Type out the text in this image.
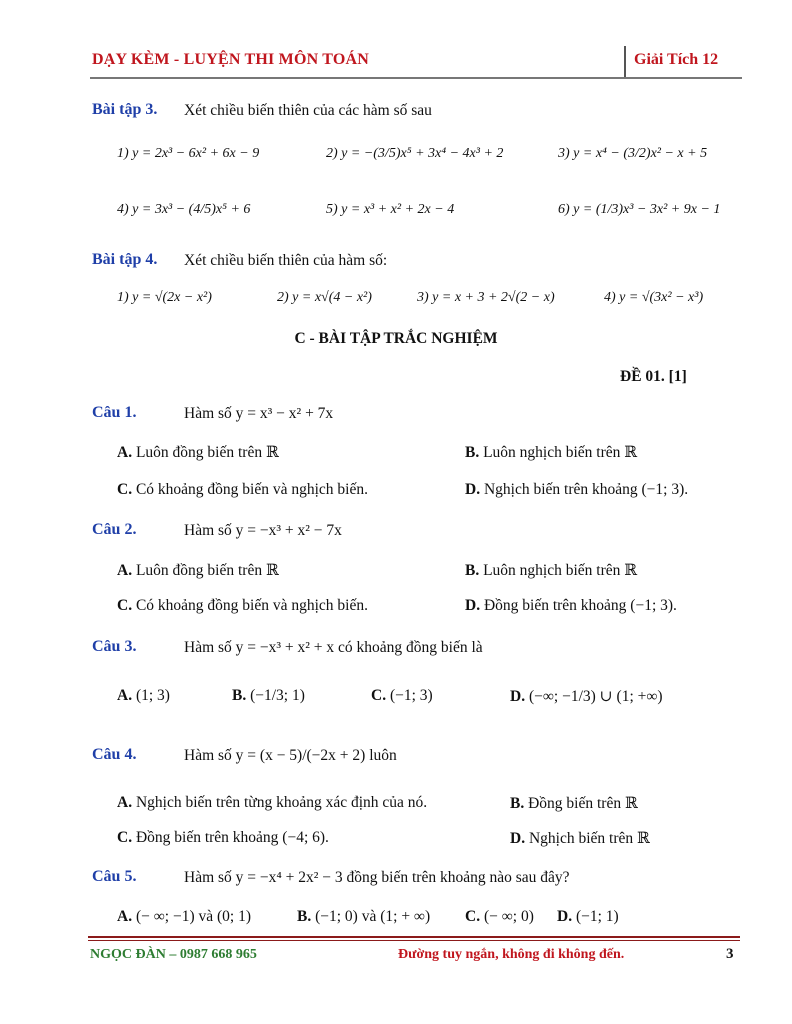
DẠY KÈM - LUYỆN THI MÔN TOÁN	Giải Tích 12
Bài tập 3. Xét chiều biến thiên của các hàm số sau
1) y = 2x³ − 6x² + 6x − 9	2) y = −(3/5)x⁵ + 3x⁴ − 4x³ + 2	3) y = x⁴ − (3/2)x² − x + 5
4) y = 3x³ − (4/5)x⁵ + 6	5) y = x³ + x² + 2x − 4	6) y = (1/3)x³ − 3x² + 9x − 1
Bài tập 4. Xét chiều biến thiên của hàm số:
1) y = √(2x − x²)	2) y = x√(4 − x²)	3) y = x + 3 + 2√(2 − x)	4) y = √(3x² − x³)
C - BÀI TẬP TRẮC NGHIỆM
ĐỀ 01. [1]
Câu 1.	Hàm số y = x³ − x² + 7x
A. Luôn đồng biến trên ℝ	B. Luôn nghịch biến trên ℝ
C. Có khoảng đồng biến và nghịch biến.	D. Nghịch biến trên khoảng (−1; 3).
Câu 2.	Hàm số y = −x³ + x² − 7x
A. Luôn đồng biến trên ℝ	B. Luôn nghịch biến trên ℝ
C. Có khoảng đồng biến và nghịch biến.	D. Đồng biến trên khoảng (−1; 3).
Câu 3.	Hàm số y = −x³ + x² + x có khoảng đồng biến là
A. (1; 3)	B. (−1/3; 1)	C. (−1; 3)	D. (−∞; −1/3) ∪ (1; +∞)
Câu 4.	Hàm số y = (x − 5)/(−2x + 2) luôn
A. Nghịch biến trên từng khoảng xác định của nó.	B. Đồng biến trên ℝ
C. Đồng biến trên khoảng (−4; 6).	D. Nghịch biến trên ℝ
Câu 5.	Hàm số y = −x⁴ + 2x² − 3 đồng biến trên khoảng nào sau đây?
A. (− ∞; −1) và (0; 1)	B. (−1; 0) và (1; + ∞) C. (− ∞; 0) D. (−1; 1)
NGỌC ĐÀN – 0987 668 965	Đường tuy ngắn, không đi không đến.	3
